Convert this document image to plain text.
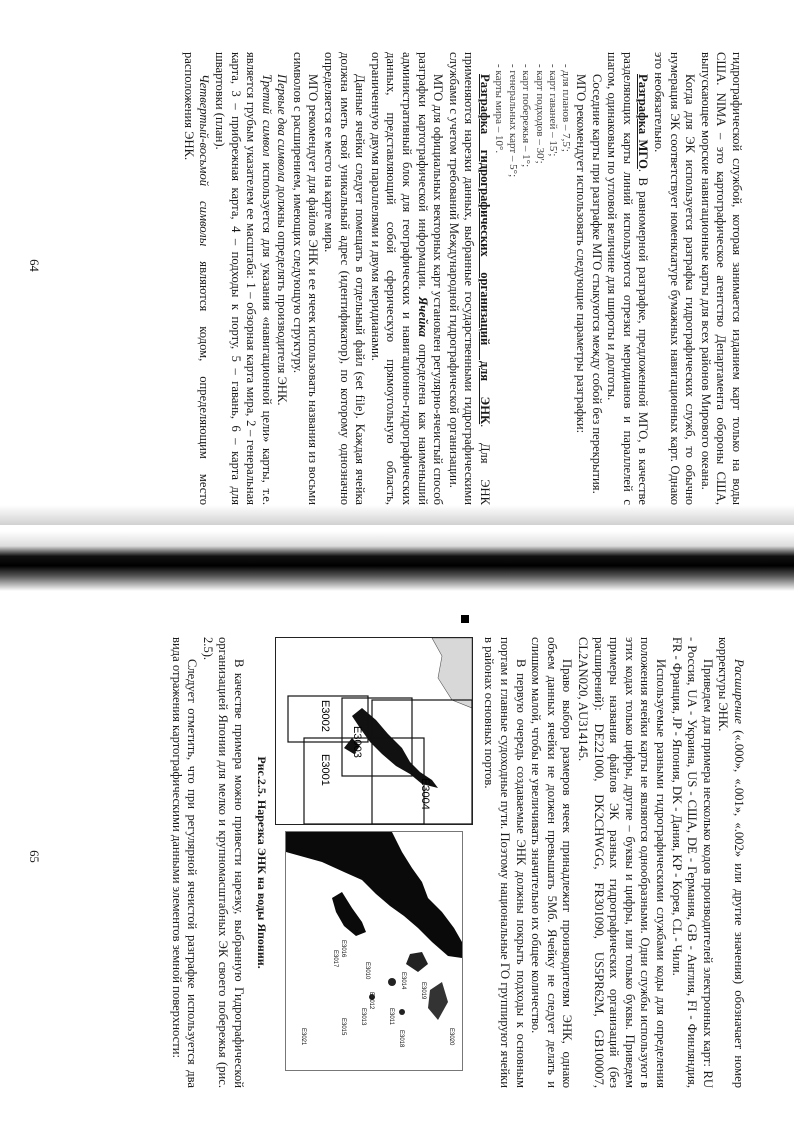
гидрографической службой, которая занимается изданием карт только на воды США. NIMA – это картографическое агентство Департамента обороны США, выпускающее морские навигационные карты для всех районов Мирового океана.

Когда для ЭК используется разграфка гидрографических служб, то обычно нумерация ЭК соответствует номенклатуре бумажных навигационных карт. Однако это необязательно.

Разграфка МГО. В равномерной разграфке, предложенной МГО, в качестве разделяющих карты линий используются отрезки меридианов и параллелей с шагом, одинаковым по угловой величине для широты и долготы.

Соседние карты при разграфке МГО стыкуются между собой без перекрытия.

МГО рекомендует использовать следующие параметры разграфки:

- для планов – 7,5';
- карт гаваней – 15';
- карт подходов – 30';
- карт побережья – 1°;
- генеральных карт – 5°;
- карты мира – 10°.

Разграфка гидрографических организаций для ЭНК. Для ЭНК применяются нарезки данных, выбранные государственными гидрографическими службами с учетом требований Международной гидрографической организации.

МГО для официальных векторных карт установлен регулярно-ячеистый способ разграфки картографической информации. Ячейка определена как наименьший административный блок для географических и навигационно-гидрографических данных, представляющий собой сферическую прямоугольную область, ограниченную двумя параллелями и двумя меридианами.

Данные ячейки следует помещать в отдельный файл (set file). Каждая ячейка должна иметь свой уникальный адрес (идентификатор), по которому однозначно определяется ее место на карте мира.

МГО рекомендует для файлов ЭНК и ее ячеек использовать названия из восьми символов с расширением, имеющих следующую структуру.

Первые два символа должны определять производителя ЭНК.

Третий символ используется для указания «навигационной цели» карты, т.е. является грубым указателем ее масштаба: 1 – обзорная карта мира, 2 – генеральная карта, 3 – прибрежная карта, 4 – подходы к порту, 5 – гавань, 6 – карта для швартовки (план).

Четвертый-восьмой символы являются кодом, определяющим место расположения ЭНК.

64

Расширение («.000», «.001», «.002» или другие значения) обозначает номер корректуры ЭНК.

Приведем для примера несколько кодов производителей электронных карт: RU - Россия, UA - Украина, US - США, DE - Германия, GB - Англия, FI - Финляндия, FR - Франция, JP - Япония, DK - Дания, KP - Корея, CL - Чили.

Используемые разными гидрографическими службами коды для определения положения ячейки карты не являются однообразными. Одни службы используют в этих кодах только цифры, другие – буквы и цифры, или только буквы. Приведем примеры названия файлов ЭК разных гидрографических организаций (без расширений): DE221000, DK2CHWGG, FR301090, US5PR62M, GB100007, CL2AN020, AU314145.

Право выбора размеров ячеек принадлежит производителям ЭНК, однако объем данных ячейки не должен превышать 5Мб. Ячейку не следует делать и слишком малой, чтобы не увеличивать значительно их общее количество.

В первую очередь создаваемые ЭНК должны покрыть подходы к основным портам и главные судоходные пути. Поэтому национальные ГО группируют ячейки в районах основных портов.

E3004
E3003
E3002
E3001
E3020
E3019
E3018
E3011
E3014
E3012
E3013
E3010
E3015
E3016
E3017
E3021
Рис.2.5. Нарезка ЭНК на воды Японии.

В качестве примера можно привести нарезку, выбранную Гидрографической организацией Японии для мелко и крупномасштабных ЭК своего побережья (рис. 2.5).

Следует отметить, что при регулярной ячеистой разграфке используется два вида отражения картографическими данными элементов земной поверхности:

65
